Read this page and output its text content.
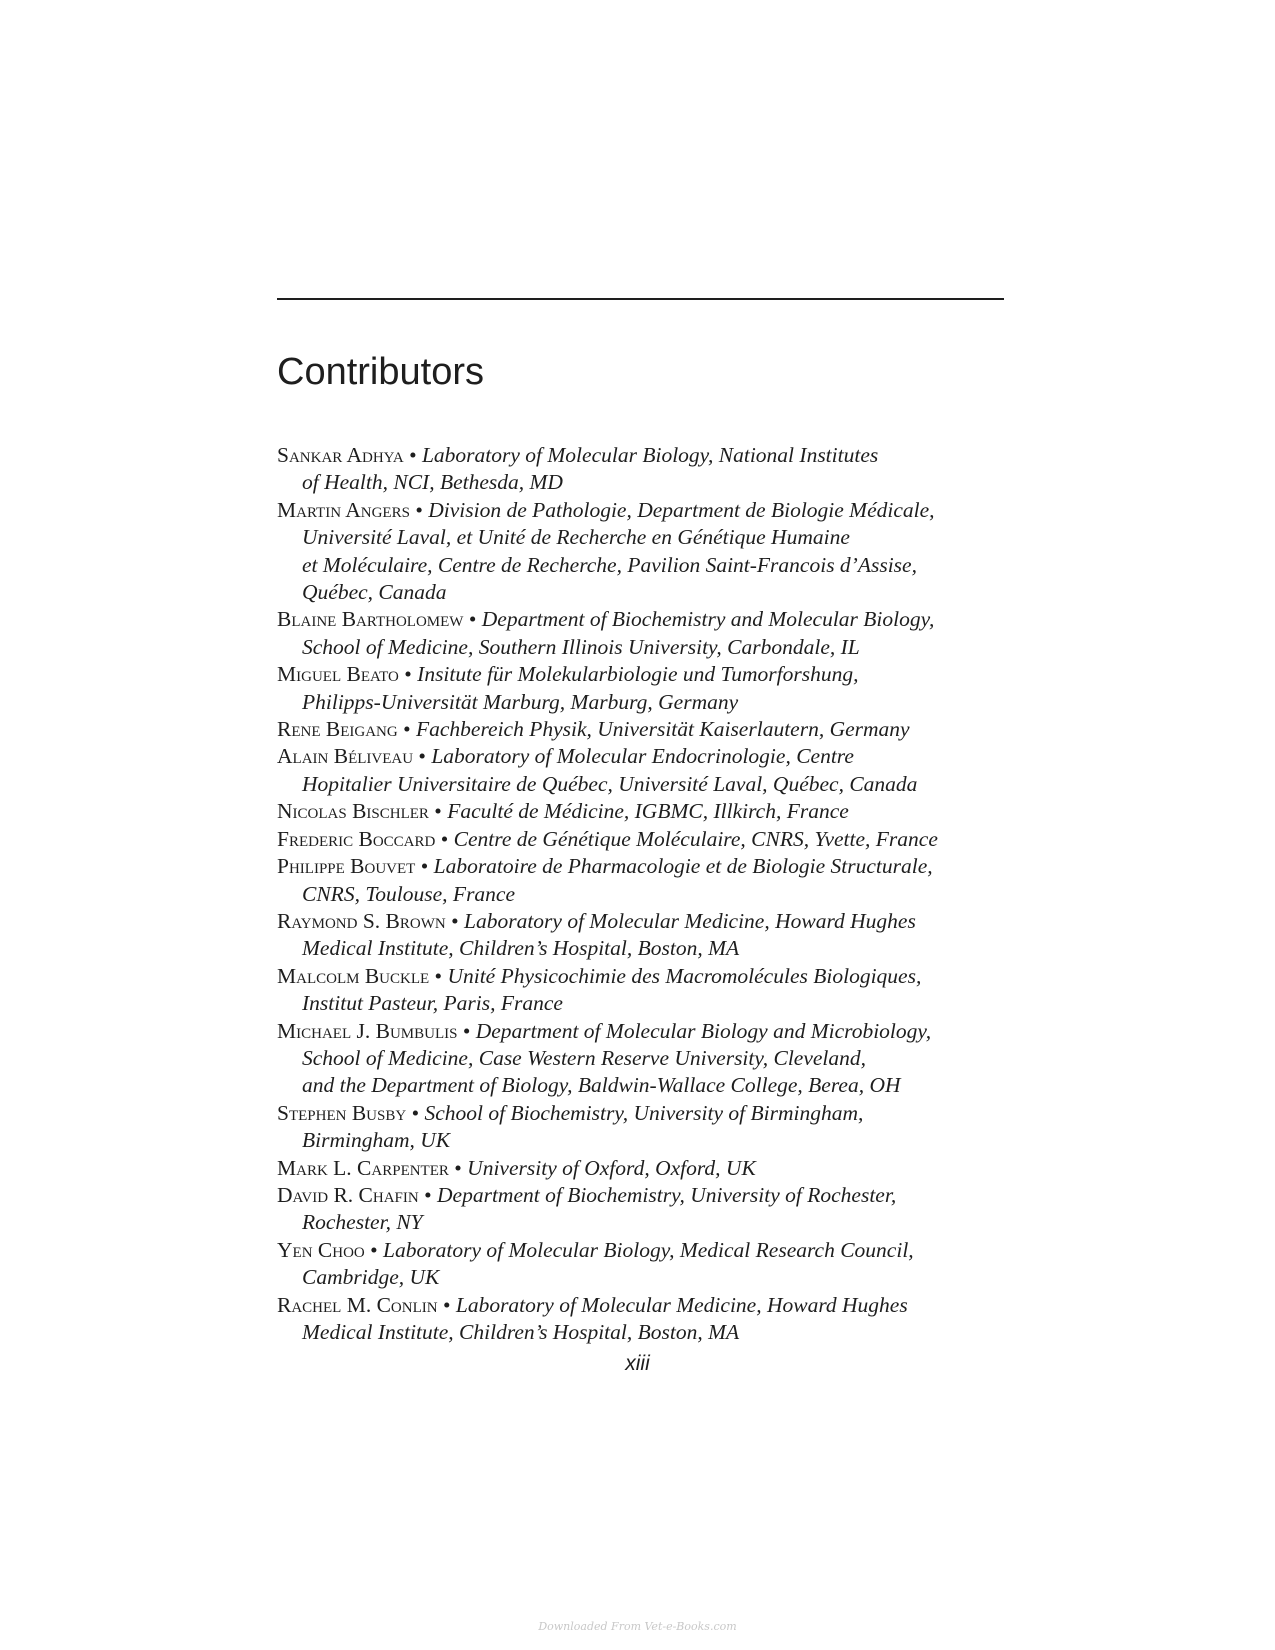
Contributors
Sankar Adhya • Laboratory of Molecular Biology, National Institutes
of Health, NCI, Bethesda, MD
Martin Angers • Division de Pathologie, Department de Biologie Médicale,
Université Laval, et Unité de Recherche en Génétique Humaine
et Moléculaire, Centre de Recherche, Pavilion Saint-Francois d’Assise,
Québec, Canada
Blaine Bartholomew • Department of Biochemistry and Molecular Biology,
School of Medicine, Southern Illinois University, Carbondale, IL
Miguel Beato • Insitute für Molekularbiologie und Tumorforshung,
Philipps-Universität Marburg, Marburg, Germany
Rene Beigang • Fachbereich Physik, Universität Kaiserlautern, Germany
Alain Béliveau • Laboratory of Molecular Endocrinologie, Centre
Hopitalier Universitaire de Québec, Université Laval, Québec, Canada
Nicolas Bischler • Faculté de Médicine, IGBMC, Illkirch, France
Frederic Boccard • Centre de Génétique Moléculaire, CNRS, Yvette, France
Philippe Bouvet • Laboratoire de Pharmacologie et de Biologie Structurale,
CNRS, Toulouse, France
Raymond S. Brown • Laboratory of Molecular Medicine, Howard Hughes
Medical Institute, Children’s Hospital, Boston, MA
Malcolm Buckle • Unité Physicochimie des Macromolécules Biologiques,
Institut Pasteur, Paris, France
Michael J. Bumbulis • Department of Molecular Biology and Microbiology,
School of Medicine, Case Western Reserve University, Cleveland,
and the Department of Biology, Baldwin-Wallace College, Berea, OH
Stephen Busby • School of Biochemistry, University of Birmingham,
Birmingham, UK
Mark L. Carpenter • University of Oxford, Oxford, UK
David R. Chafin • Department of Biochemistry, University of Rochester,
Rochester, NY
Yen Choo • Laboratory of Molecular Biology, Medical Research Council,
Cambridge, UK
Rachel M. Conlin • Laboratory of Molecular Medicine, Howard Hughes
Medical Institute, Children’s Hospital, Boston, MA
xiii
Downloaded From Vet-e-Books.com
